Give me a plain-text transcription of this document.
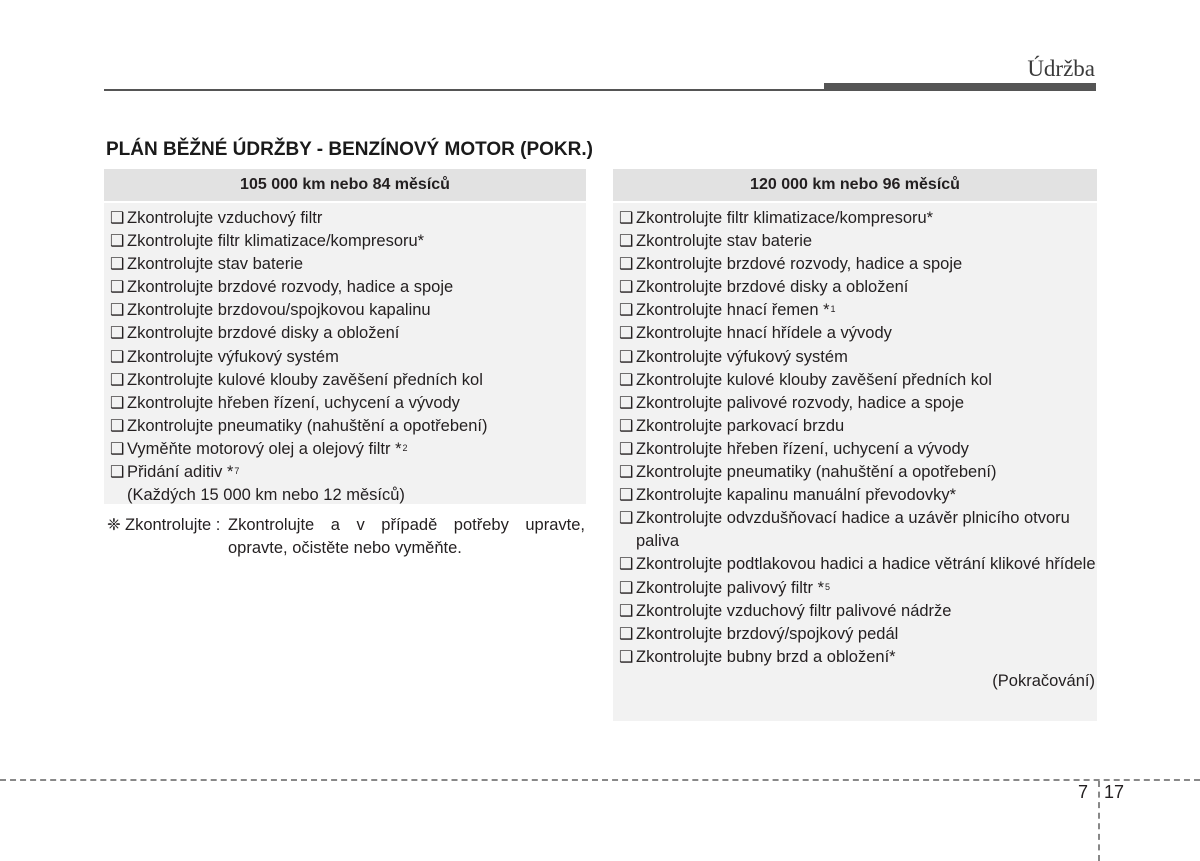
Údržba
PLÁN BĚŽNÉ ÚDRŽBY - BENZÍNOVÝ MOTOR (POKR.)
105 000 km nebo 84 měsíců
❑ Zkontrolujte vzduchový filtr
❑ Zkontrolujte filtr klimatizace/kompresoru*
❑ Zkontrolujte stav baterie
❑ Zkontrolujte brzdové rozvody, hadice a spoje
❑ Zkontrolujte brzdovou/spojkovou kapalinu
❑ Zkontrolujte brzdové disky a obložení
❑ Zkontrolujte výfukový systém
❑ Zkontrolujte kulové klouby zavěšení předních kol
❑ Zkontrolujte hřeben řízení, uchycení a vývody
❑ Zkontrolujte pneumatiky (nahuštění a opotřebení)
❑ Vyměňte motorový olej a olejový filtr *$^2$
❑ Přidání aditiv *$^7$
(Každých 15 000 km nebo 12 měsíců)
❈ Zkontrolujte : Zkontrolujte a v případě potřeby upravte, opravte, očistěte nebo vyměňte.
120 000 km nebo 96 měsíců
❑ Zkontrolujte filtr klimatizace/kompresoru*
❑ Zkontrolujte stav baterie
❑ Zkontrolujte brzdové rozvody, hadice a spoje
❑ Zkontrolujte brzdové disky a obložení
❑ Zkontrolujte hnací řemen *$^1$
❑ Zkontrolujte hnací hřídele a vývody
❑ Zkontrolujte výfukový systém
❑ Zkontrolujte kulové klouby zavěšení předních kol
❑ Zkontrolujte palivové rozvody, hadice a spoje
❑ Zkontrolujte parkovací brzdu
❑ Zkontrolujte hřeben řízení, uchycení a vývody
❑ Zkontrolujte pneumatiky (nahuštění a opotřebení)
❑ Zkontrolujte kapalinu manuální převodovky*
❑ Zkontrolujte odvzdušňovací hadice a uzávěr plnicího otvoru paliva
❑ Zkontrolujte podtlakovou hadici a hadice větrání klikové hřídele
❑ Zkontrolujte palivový filtr *$^5$
❑ Zkontrolujte vzduchový filtr palivové nádrže
❑ Zkontrolujte brzdový/spojkový pedál
❑ Zkontrolujte bubny brzd a obložení*
(Pokračování)
7 17
